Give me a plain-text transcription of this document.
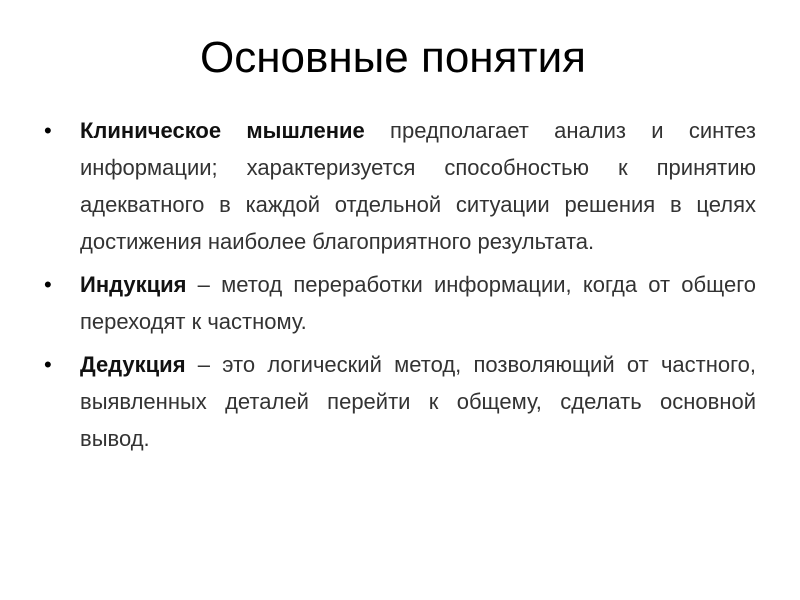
Основные понятия
•	Клиническое мышление предполагает анализ и синтез информации; характеризуется способностью к принятию адекватного в каждой отдельной ситуации решения в целях достижения наиболее благоприятного результата.
•	Индукция – метод переработки информации, когда от общего переходят к частному.
•	Дедукция – это логический метод, позволяющий от частного, выявленных деталей перейти к общему, сделать основной вывод.
